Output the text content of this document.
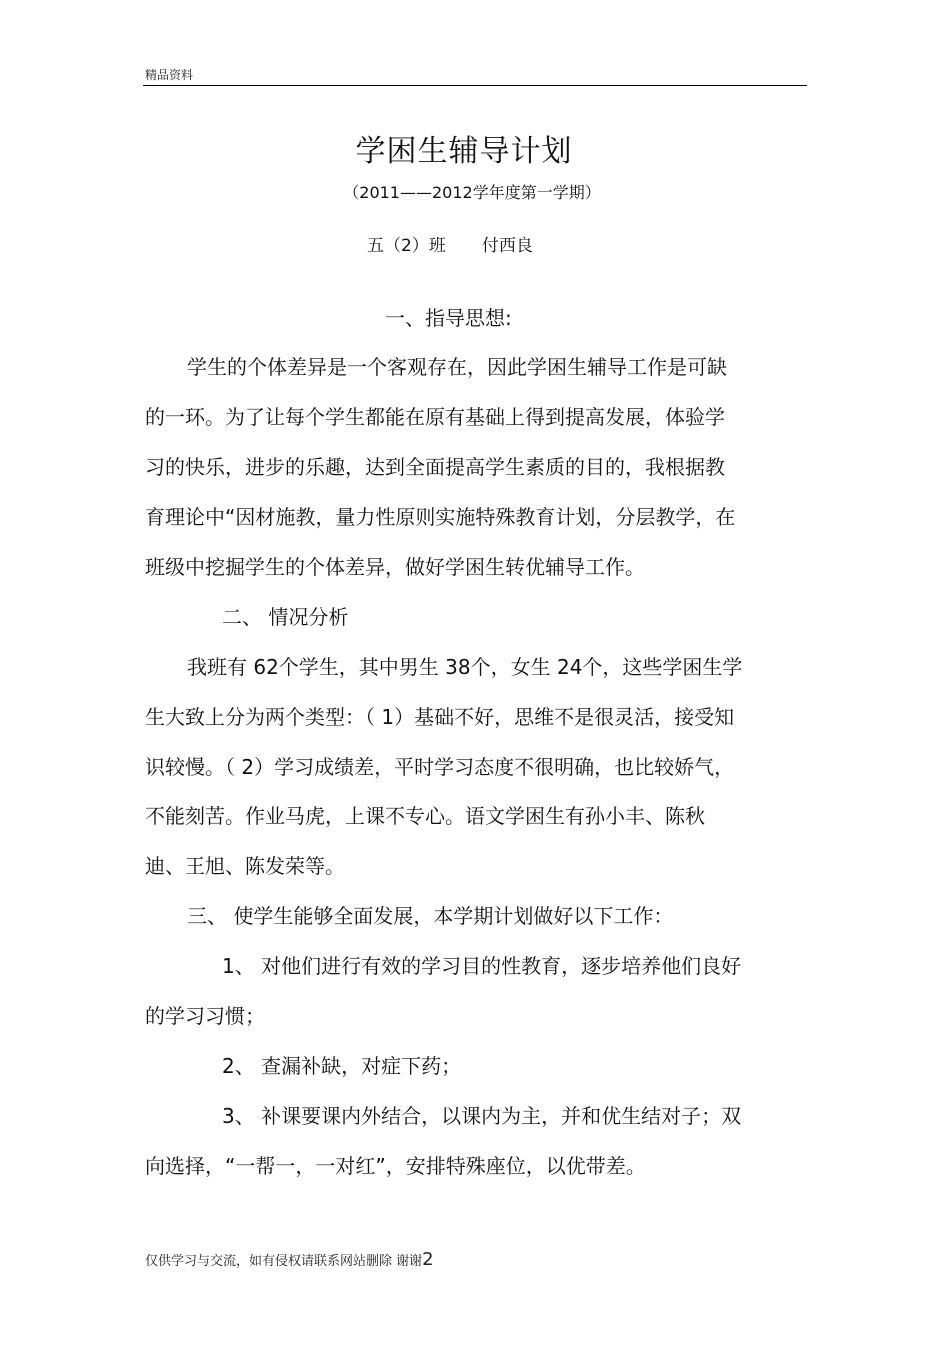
精品资料
学困生辅导计划
（2011——2012学年度第一学期）
五（2）班 付西良
一、指导思想:
学生的个体差异是一个客观存在，因此学困生辅导工作是可缺
的一环。为了让每个学生都能在原有基础上得到提高发展，体验学
习的快乐，进步的乐趣，达到全面提高学生素质的目的，我根据教
育理论中“因材施教，量力性原则实施特殊教育计划，分层教学，在
班级中挖掘学生的个体差异，做好学困生转优辅导工作。
二、 情况分析
我班有 62个学生，其中男生 38个，女生 24个，这些学困生学
生大致上分为两个类型：（ 1）基础不好，思维不是很灵活，接受知
识较慢。（ 2）学习成绩差，平时学习态度不很明确，也比较娇气，
不能刻苦。作业马虎，上课不专心。语文学困生有孙小丰、陈秋
迪、王旭、陈发荣等。
三、 使学生能够全面发展，本学期计划做好以下工作：
1、 对他们进行有效的学习目的性教育，逐步培养他们良好
的学习习惯；
2、 查漏补缺，对症下药；
3、 补课要课内外结合，以课内为主，并和优生结对子；双
向选择，“一帮一，一对红”，安排特殊座位，以优带差。
仅供学习与交流，如有侵权请联系网站删除 谢谢2
